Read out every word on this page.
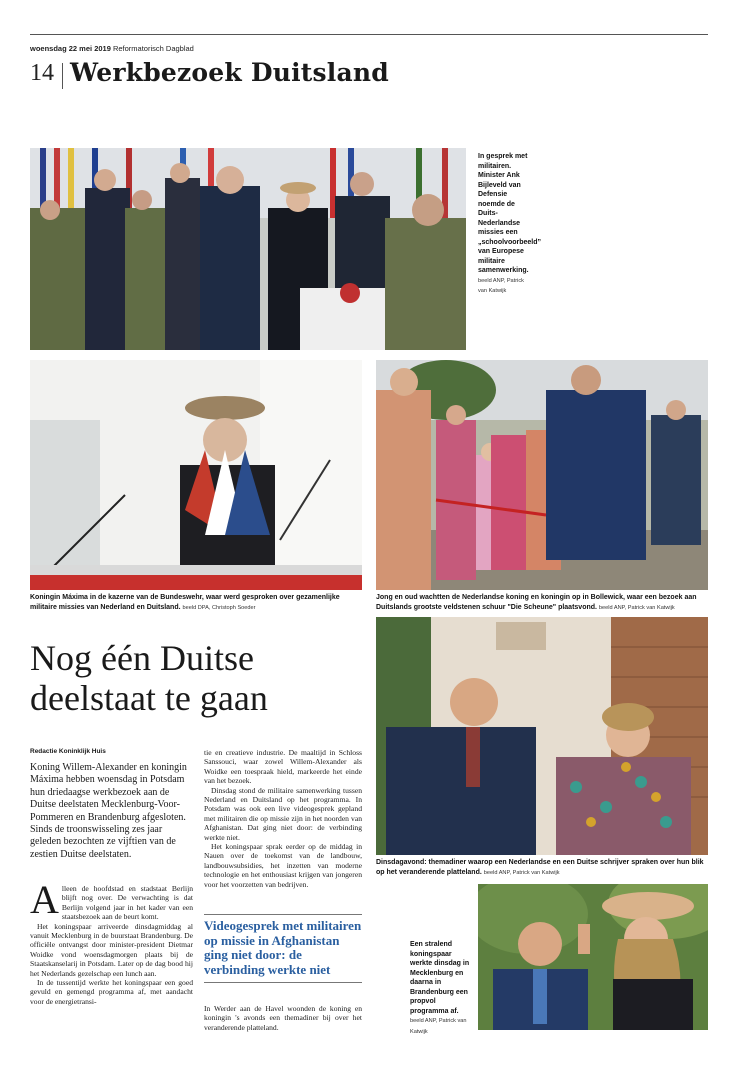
woensdag 22 mei 2019 Reformatorisch Dagblad
14 Werkbezoek Duitsland
In gesprek met militairen. Minister Ank Bijleveld van Defensie noemde de Duits-Nederlandse missies een „schoolvoorbeeld” van Europese militaire samenwerking. beeld ANP, Patrick van Katwijk
Koningin Máxima in de kazerne van de Bundeswehr, waar werd gesproken over gezamenlijke militaire missies van Nederland en Duitsland. beeld DPA, Christoph Soeder
Jong en oud wachtten de Nederlandse koning en koningin op in Bollewick, waar een bezoek aan Duitslands grootste veldstenen schuur "Die Scheune" plaatsvond. beeld ANP, Patrick van Katwijk
Nog één Duitse deelstaat te gaan
Redactie Koninklijk Huis
Koning Willem-Alexander en koningin Máxima hebben woensdag in Potsdam hun driedaagse werkbezoek aan de Duitse deelstaten Mecklenburg-Voor-Pommeren en Brandenburg afgesloten. Sinds de troonswisseling zes jaar geleden bezochten ze vijftien van de zestien Duitse deelstaten.

Alleen de hoofdstad en stadstaat Berlijn blijft nog over. De verwachting is dat Berlijn volgend jaar in het kader van een staatsbezoek aan de beurt komt.

Het koningspaar arriveerde dinsdagmiddag al vanuit Mecklenburg in de buurstaat Brandenburg. De officiële ontvangst door minister-president Dietmar Woidke vond woensdagmorgen plaats bij de Staatskanselarij in Potsdam. Later op de dag bood hij het Nederlands gezelschap een lunch aan.

In de tussentijd werkte het koningspaar een goed gevuld en gemengd programma af, met aandacht voor de energietransi-

tie en creatieve industrie. De maaltijd in Schloss Sanssouci, waar zowel Willem-Alexander als Woidke een toespraak hield, markeerde het einde van het bezoek.

Dinsdag stond de militaire samenwerking tussen Nederland en Duitsland op het programma. In Potsdam was ook een live videogesprek gepland met militairen die op missie zijn in het noorden van Afghanistan. Dat ging niet door: de verbinding werkte niet.

Het koningspaar sprak eerder op de middag in Nauen over de toekomst van de landbouw, landbouwsubsidies, het inzetten van moderne technologie en het enthousiast krijgen van jongeren voor het voorzetten van bedrijven.

Videogesprek met militairen op missie in Afghanistan ging niet door: de verbinding werkte niet

In Werder aan de Havel woonden de koning en koningin 's avonds een themadiner bij over het veranderende platteland.

Dinsdagavond: themadiner waarop een Nederlandse en een Duitse schrijver spraken over hun blik op het veranderende platteland. beeld ANP, Patrick van Katwijk
Een stralend koningspaar werkte dinsdag in Mecklenburg en daarna in Brandenburg een propvol programma af. beeld ANP, Patrick van Katwijk
